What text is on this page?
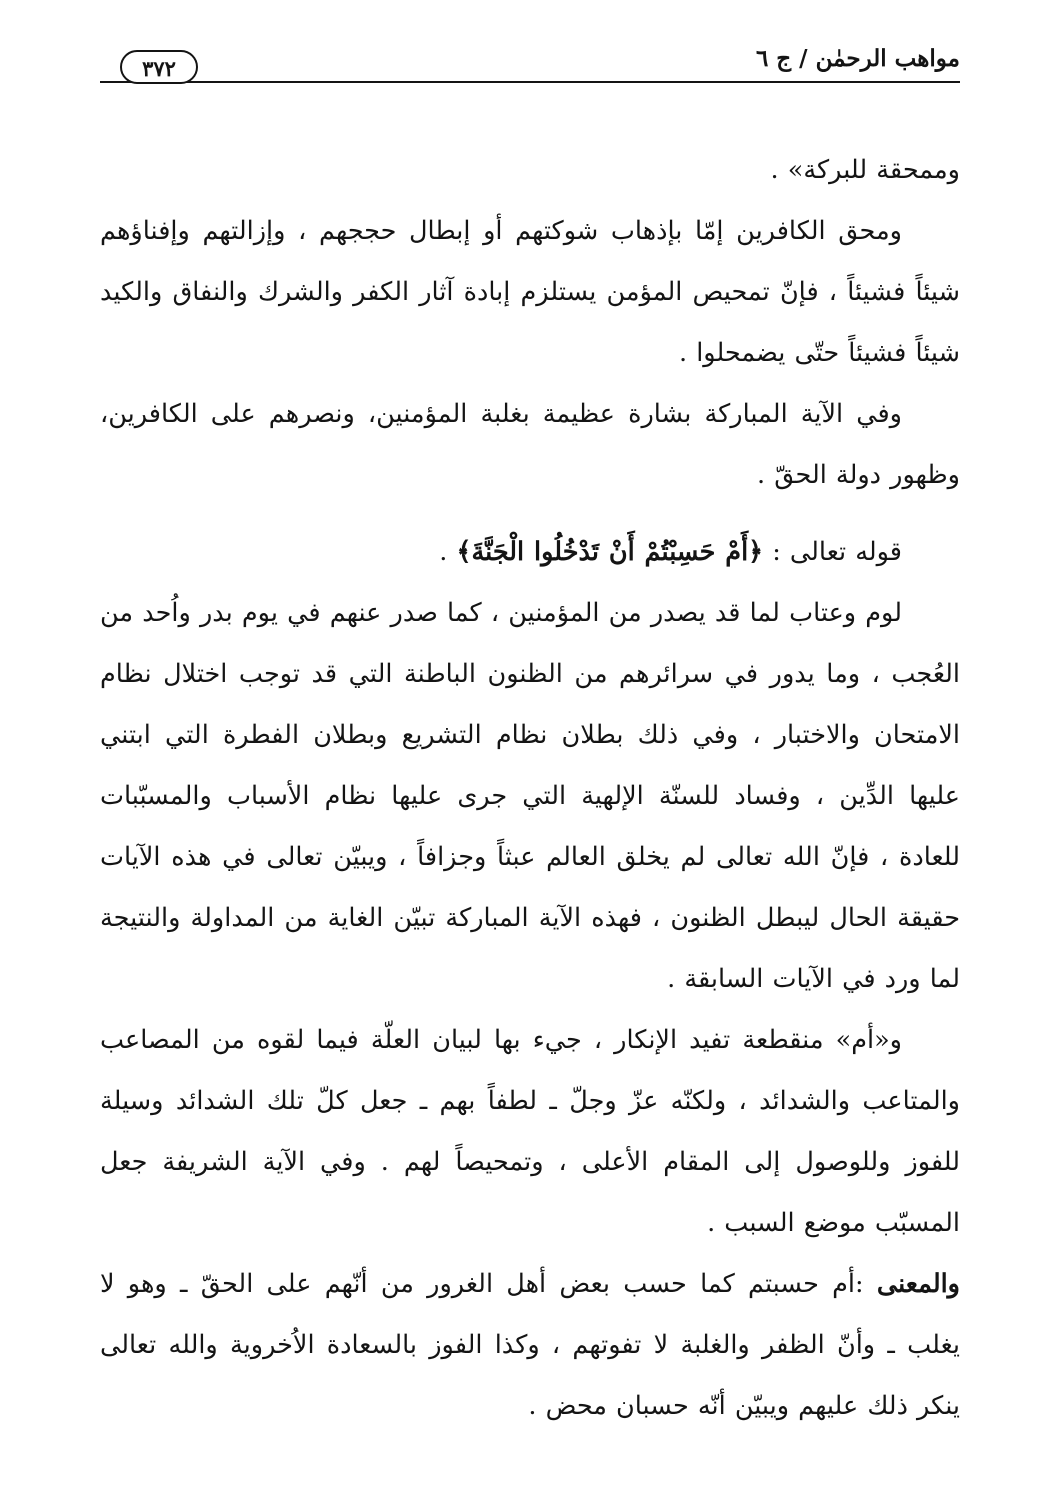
مواهب الرحمٰن / ج ٦
٣٧٢

وممحقة للبركة» .

ومحق الكافرين إمّا بإذهاب شوكتهم أو إبطال حججهم ، وإزالتهم وإفناؤهم شيئاً فشيئاً ، فإنّ تمحيص المؤمن يستلزم إبادة آثار الكفر والشرك والنفاق والكيد شيئاً فشيئاً حتّى يضمحلوا .

وفي الآية المباركة بشارة عظيمة بغلبة المؤمنين، ونصرهم على الكافرين، وظهور دولة الحقّ .

قوله تعالى : ﴿أَمْ حَسِبْتُمْ أَنْ تَدْخُلُوا الْجَنَّةَ﴾ .

لوم وعتاب لما قد يصدر من المؤمنين ، كما صدر عنهم في يوم بدر واُحد من العُجب ، وما يدور في سرائرهم من الظنون الباطنة التي قد توجب اختلال نظام الامتحان والاختبار ، وفي ذلك بطلان نظام التشريع وبطلان الفطرة التي ابتني عليها الدِّين ، وفساد للسنّة الإلهية التي جرى عليها نظام الأسباب والمسبّبات للعادة ، فإنّ الله تعالى لم يخلق العالم عبثاً وجزافاً ، ويبيّن تعالى في هذه الآيات حقيقة الحال ليبطل الظنون ، فهذه الآية المباركة تبيّن الغاية من المداولة والنتيجة لما ورد في الآيات السابقة .

و«أم» منقطعة تفيد الإنكار ، جيء بها لبيان العلّة فيما لقوه من المصاعب والمتاعب والشدائد ، ولكنّه عزّ وجلّ ـ لطفاً بهم ـ جعل كلّ تلك الشدائد وسيلة للفوز وللوصول إلى المقام الأعلى ، وتمحيصاً لهم . وفي الآية الشريفة جعل المسبّب موضع السبب .

والمعنى :أم حسبتم كما حسب بعض أهل الغرور من أنّهم على الحقّ ـ وهو لا يغلب ـ وأنّ الظفر والغلبة لا تفوتهم ، وكذا الفوز بالسعادة الاُخروية والله تعالى ينكر ذلك عليهم ويبيّن أنّه حسبان محض .
